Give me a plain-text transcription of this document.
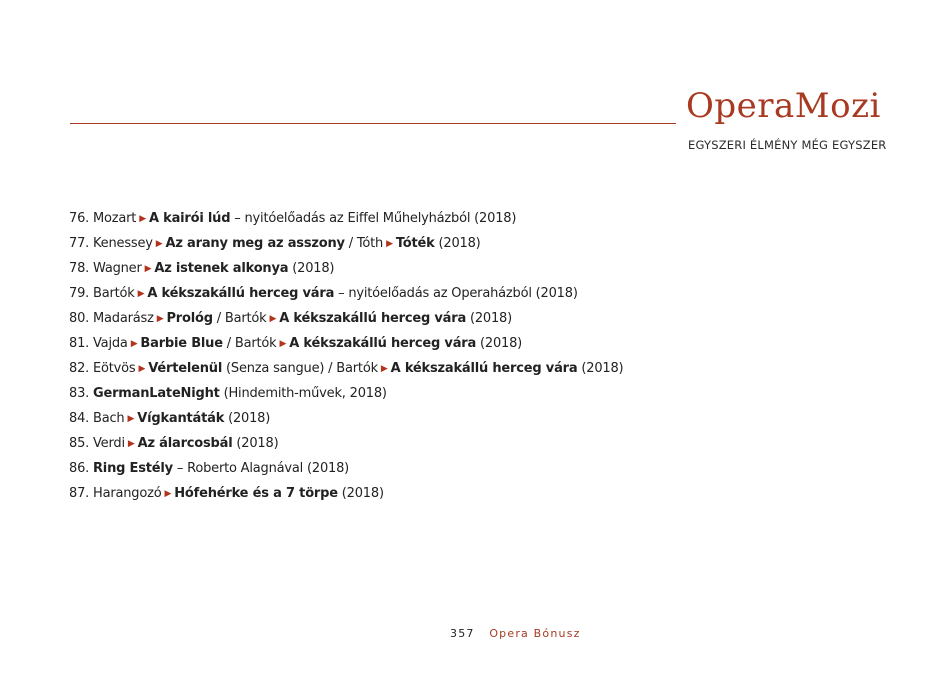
OperaMozi
EGYSZERI ÉLMÉNY MÉG EGYSZER
76. Mozart ▶ A kairói lúd – nyitóelőadás az Eiffel Műhelyházból (2018)
77. Kenessey ▶ Az arany meg az asszony / Tóth ▶ Tóték (2018)
78. Wagner ▶ Az istenek alkonya (2018)
79. Bartók ▶ A kékszakállú herceg vára – nyitóelőadás az Operaházból (2018)
80. Madarász ▶ Prológ / Bartók ▶ A kékszakállú herceg vára (2018)
81. Vajda ▶ Barbie Blue / Bartók ▶ A kékszakállú herceg vára (2018)
82. Eötvös ▶ Vértelenül (Senza sangue) / Bartók ▶ A kékszakállú herceg vára (2018)
83. GermanLateNight (Hindemith-művek, 2018)
84. Bach ▶ Vígkantáták (2018)
85. Verdi ▶ Az álarcosbál (2018)
86. Ring Estély – Roberto Alagnával (2018)
87. Harangozó ▶ Hófehérke és a 7 törpe (2018)
357 Opera Bónusz
